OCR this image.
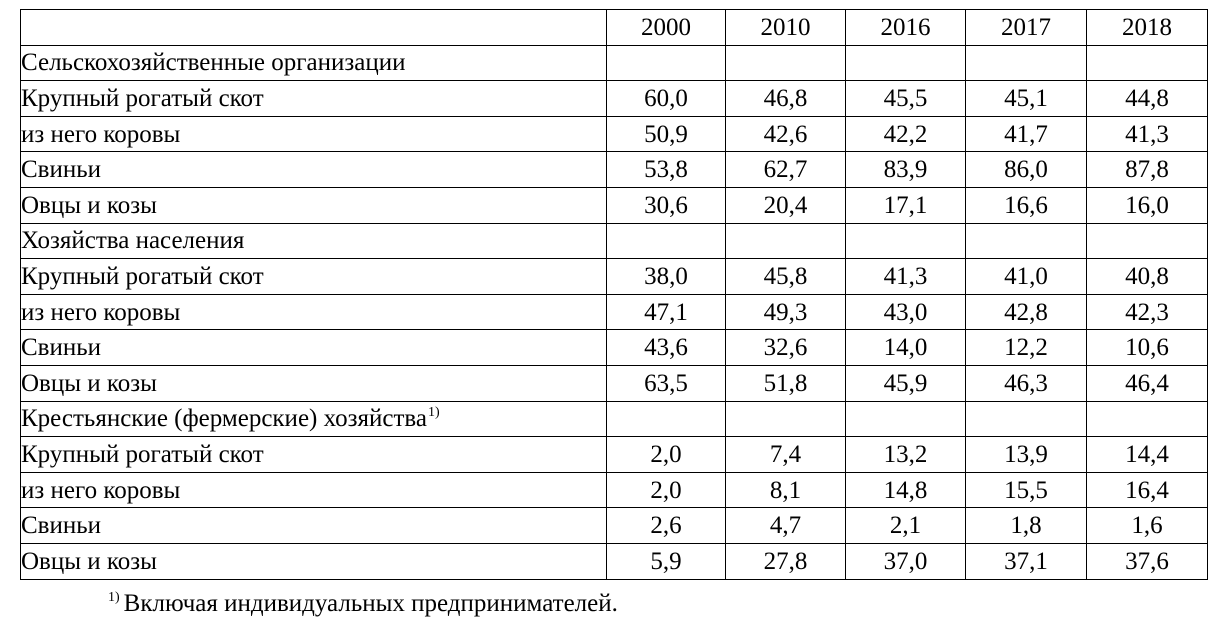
	2000	2010	2016	2017	2018
Сельскохозяйственные организации					
Крупный рогатый скот	60,0	46,8	45,5	45,1	44,8
из него коровы	50,9	42,6	42,2	41,7	41,3
Свиньи	53,8	62,7	83,9	86,0	87,8
Овцы и козы	30,6	20,4	17,1	16,6	16,0
Хозяйства населения					
Крупный рогатый скот	38,0	45,8	41,3	41,0	40,8
из него коровы	47,1	49,3	43,0	42,8	42,3
Свиньи	43,6	32,6	14,0	12,2	10,6
Овцы и козы	63,5	51,8	45,9	46,3	46,4
Крестьянские (фермерские) хозяйства$^{1)}$					
Крупный рогатый скот	2,0	7,4	13,2	13,9	14,4
из него коровы	2,0	8,1	14,8	15,5	16,4
Свиньи	2,6	4,7	2,1	1,8	1,6
Овцы и козы	5,9	27,8	37,0	37,1	37,6
$^{1)}$ Включая индивидуальных предпринимателей.
